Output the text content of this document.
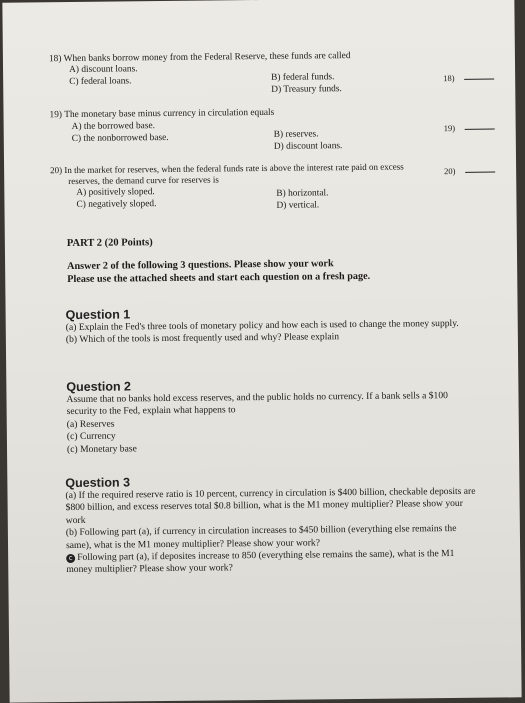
18) When banks borrow money from the Federal Reserve, these funds are called
A) discount loans.
B) federal funds.
C) federal loans.
D) Treasury funds.
18)
19) The monetary base minus currency in circulation equals
A) the borrowed base.
B) reserves.
C) the nonborrowed base.
D) discount loans.
19)
20) In the market for reserves, when the federal funds rate is above the interest rate paid on excess
reserves, the demand curve for reserves is
A) positively sloped.	B) horizontal.
C) negatively sloped.	D) vertical.
20)
PART 2 (20 Points)
Answer 2 of the following 3 questions. Please show your work
Please use the attached sheets and start each question on a fresh page.
Question 1

(a) Explain the Fed's three tools of monetary policy and how each is used to change the money supply.

(b) Which of the tools is most frequently used and why? Please explain

Question 2

Assume that no banks hold excess reserves, and the public holds no currency. If a bank sells a $100 security to the Fed, explain what happens to

(a) Reserves

(c) Currency

(c) Monetary base

Question 3

(a) If the required reserve ratio is 10 percent, currency in circulation is $400 billion, checkable deposits are $800 billion, and excess reserves total $0.8 billion, what is the M1 money multiplier? Please show your work

(b) Following part (a), if currency in circulation increases to $450 billion (everything else remains the same), what is the M1 money multiplier? Please show your work?

c Following part (a), if deposites increase to 850 (everything else remains the same), what is the M1 money multiplier? Please show your work?
